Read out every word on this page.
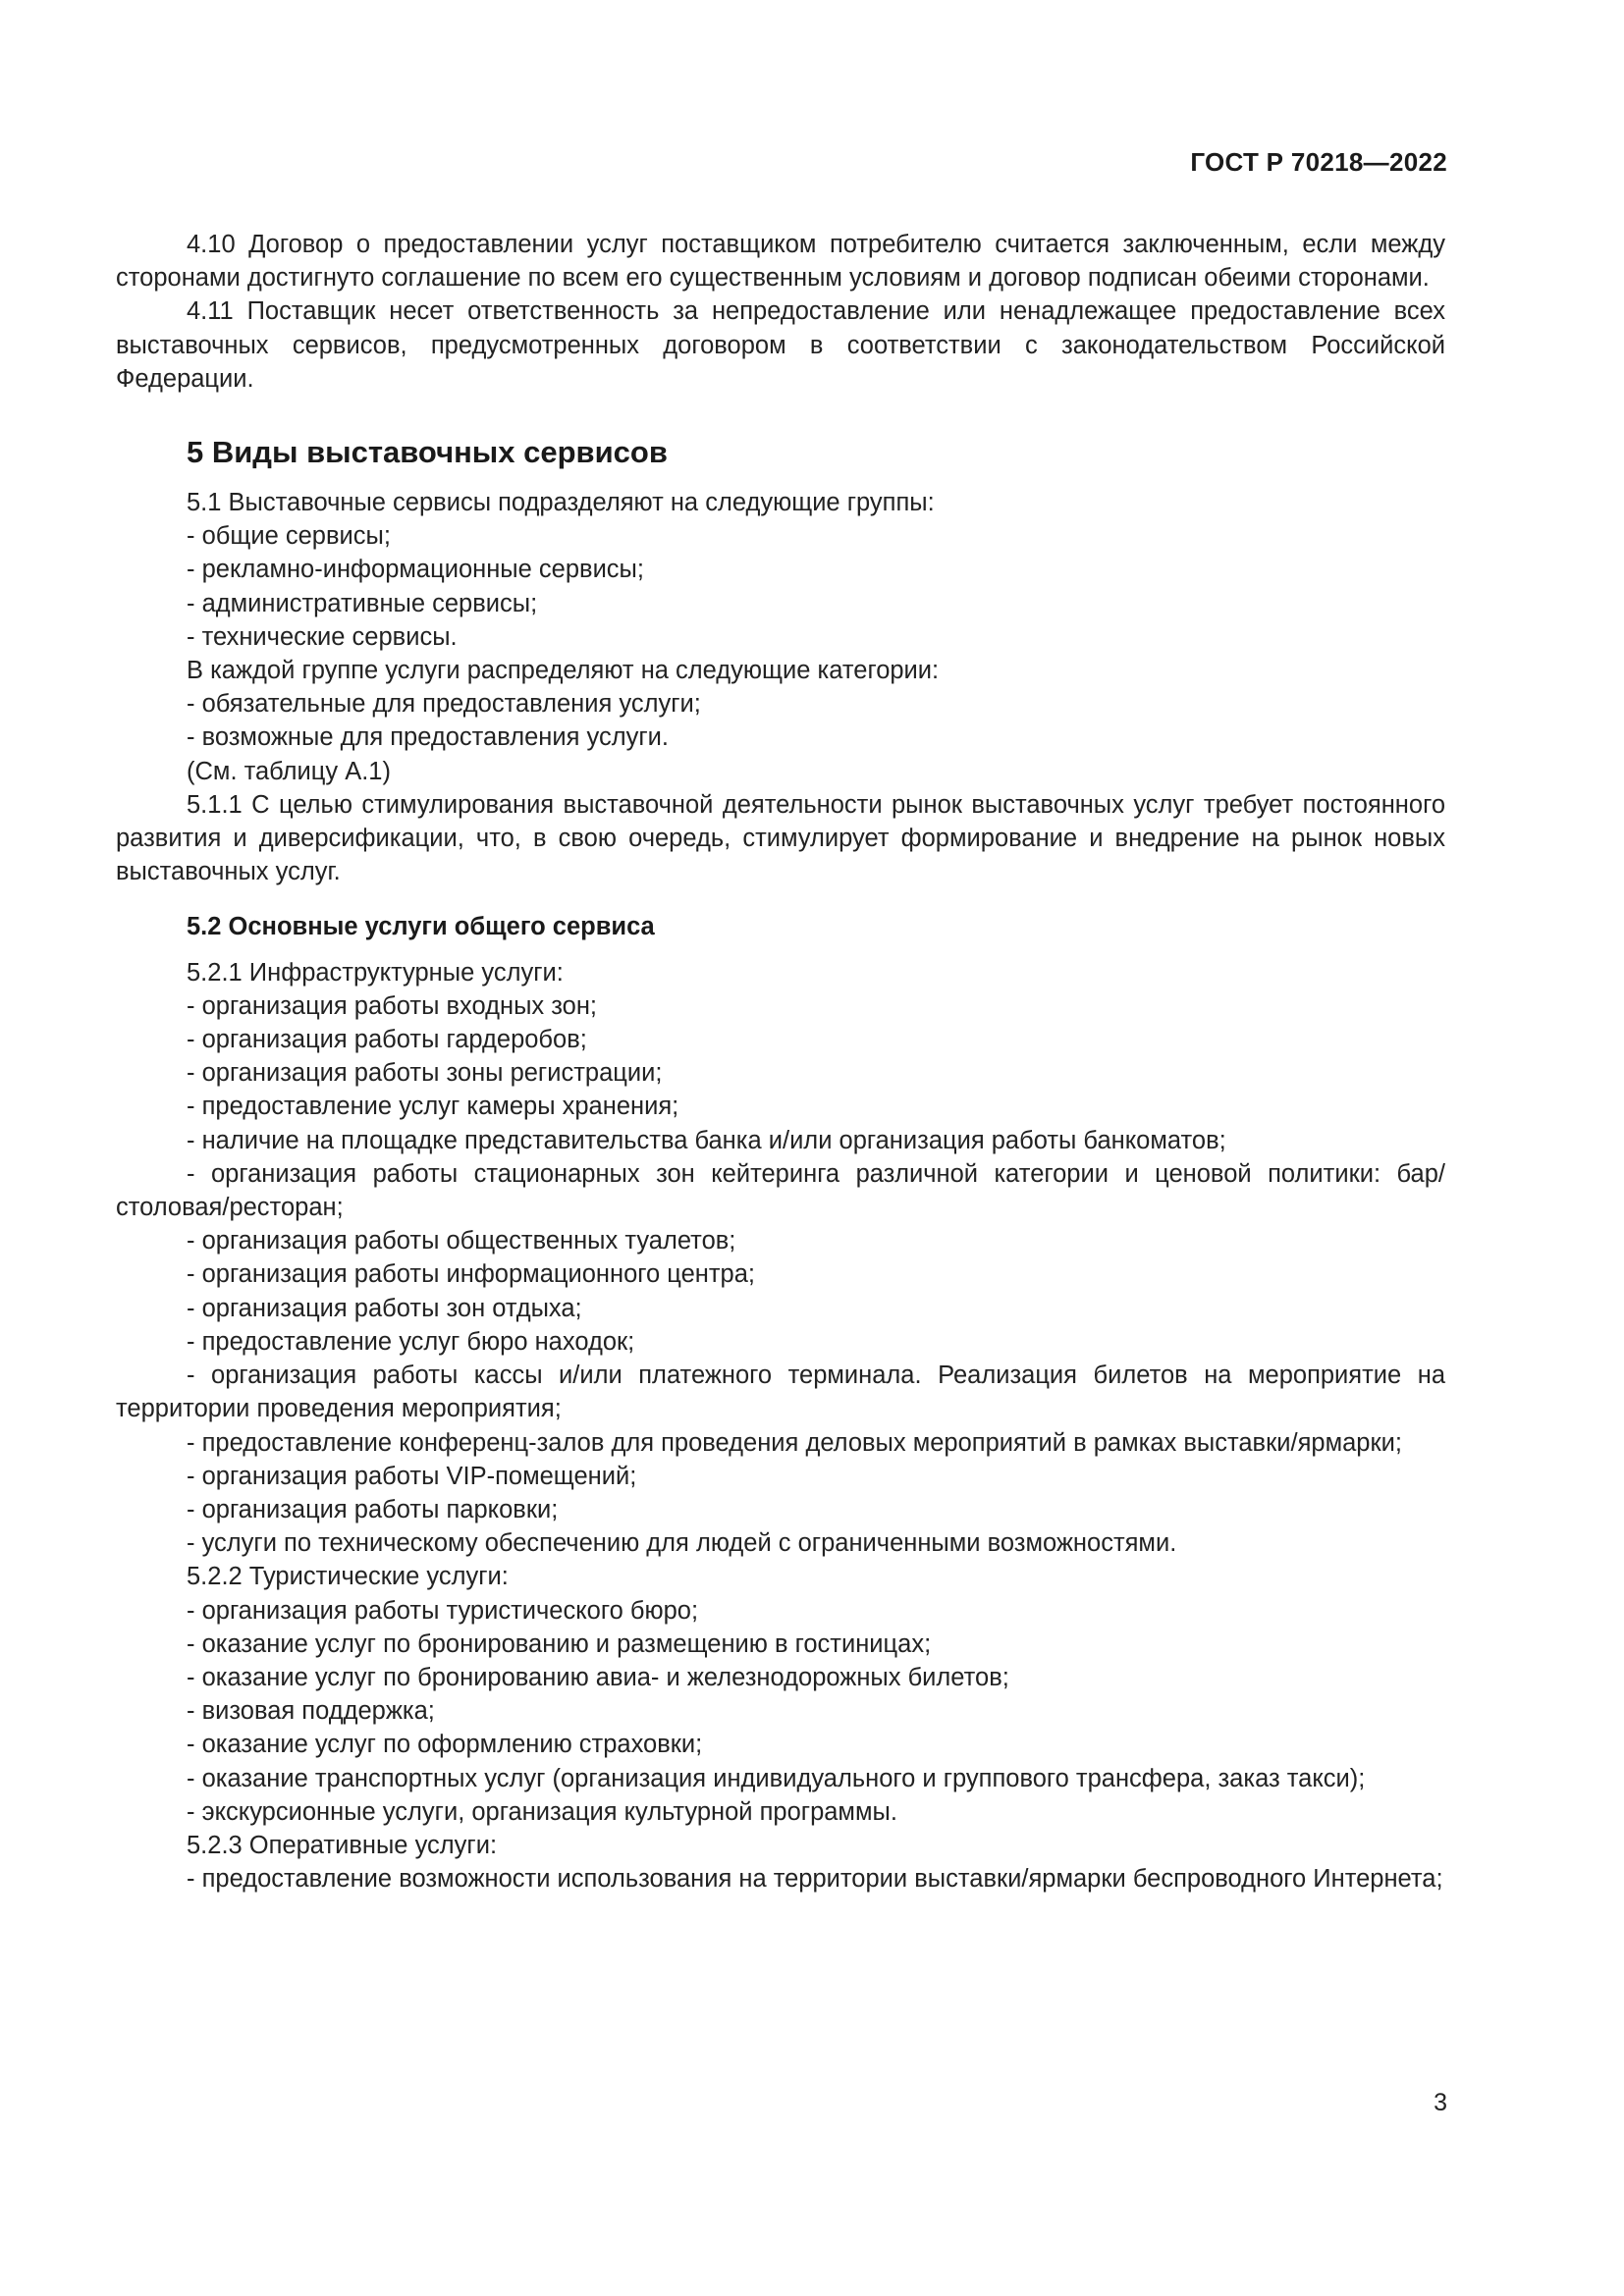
ГОСТ Р 70218—2022

4.10 Договор о предоставлении услуг поставщиком потребителю считается заключенным, если между сторонами достигнуто соглашение по всем его существенным условиям и договор подписан обеими сторонами.

4.11 Поставщик несет ответственность за непредоставление или ненадлежащее предоставление всех выставочных сервисов, предусмотренных договором в соответствии с законодательством Российской Федерации.

5 Виды выставочных сервисов

5.1 Выставочные сервисы подразделяют на следующие группы:

- общие сервисы;

- рекламно-информационные сервисы;

- административные сервисы;

- технические сервисы.

В каждой группе услуги распределяют на следующие категории:

- обязательные для предоставления услуги;

- возможные для предоставления услуги.

(См. таблицу А.1)

5.1.1 С целью стимулирования выставочной деятельности рынок выставочных услуг требует постоянного развития и диверсификации, что, в свою очередь, стимулирует формирование и внедрение на рынок новых выставочных услуг.

5.2 Основные услуги общего сервиса

5.2.1 Инфраструктурные услуги:

- организация работы входных зон;

- организация работы гардеробов;

- организация работы зоны регистрации;

- предоставление услуг камеры хранения;

- наличие на площадке представительства банка и/или организация работы банкоматов;

- организация работы стационарных зон кейтеринга различной категории и ценовой политики: бар/столовая/ресторан;

- организация работы общественных туалетов;

- организация работы информационного центра;

- организация работы зон отдыха;

- предоставление услуг бюро находок;

- организация работы кассы и/или платежного терминала. Реализация билетов на мероприятие на территории проведения мероприятия;

- предоставление конференц-залов для проведения деловых мероприятий в рамках выставки/ярмарки;

- организация работы VIP-помещений;

- организация работы парковки;

- услуги по техническому обеспечению для людей с ограниченными возможностями.

5.2.2 Туристические услуги:

- организация работы туристического бюро;

- оказание услуг по бронированию и размещению в гостиницах;

- оказание услуг по бронированию авиа- и железнодорожных билетов;

- визовая поддержка;

- оказание услуг по оформлению страховки;

- оказание транспортных услуг (организация индивидуального и группового трансфера, заказ такси);

- экскурсионные услуги, организация культурной программы.

5.2.3 Оперативные услуги:

- предоставление возможности использования на территории выставки/ярмарки беспроводного Интернета;

3
